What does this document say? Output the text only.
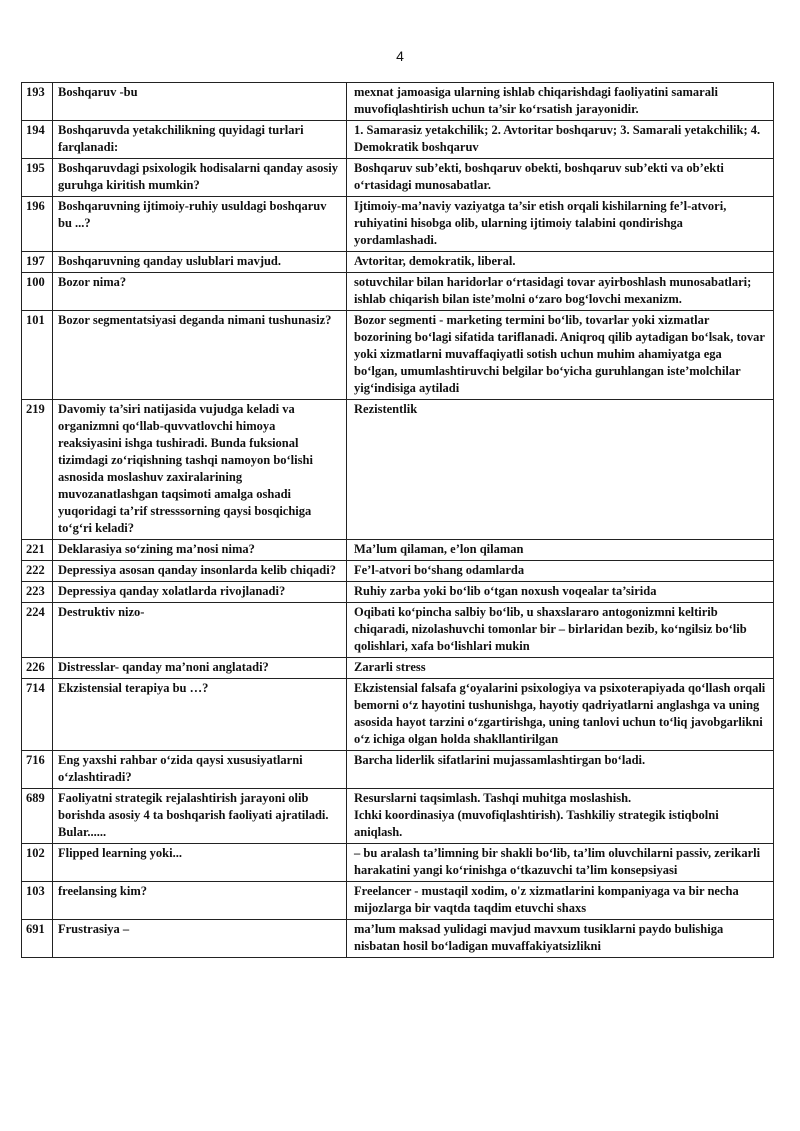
4
193	Boshqaruv -bu	mexnat jamoasiga ularning ishlab chiqarishdagi faoliyatini samarali muvofiqlashtirish uchun ta’sir ko‘rsatish jarayonidir.
194	Boshqaruvda yetakchilikning quyidagi turlari farqlanadi:	1. Samarasiz yetakchilik; 2. Avtoritar boshqaruv; 3. Samarali yetakchilik; 4. Demokratik boshqaruv
195	Boshqaruvdagi psixologik hodisalarni qanday asosiy guruhga kiritish mumkin?	Boshqaruv sub’ekti, boshqaruv obekti, boshqaruv sub’ekti va ob’ekti o‘rtasidagi munosabatlar.
196	Boshqaruvning ijtimoiy-ruhiy usuldagi boshqaruv bu ...?	Ijtimoiy-ma’naviy vaziyatga ta’sir etish orqali kishilarning fe’l-atvori, ruhiyatini hisobga olib, ularning ijtimoiy talabini qondirishga yordamlashadi.
197	Boshqaruvning qanday uslublari mavjud.	Avtoritar, demokratik, liberal.
100	Bozor nima?	sotuvchilar bilan haridorlar o‘rtasidagi tovar ayirboshlash munosabatlari; ishlab chiqarish bilan iste’molni o‘zaro bog‘lovchi mexanizm.
101	Bozor segmentatsiyasi deganda nimani tushunasiz?	Bozor segmenti - marketing termini bo‘lib, tovarlar yoki xizmatlar bozorining bo‘lagi sifatida tariflanadi. Aniqroq qilib aytadigan bo‘lsak, tovar yoki xizmatlarni muvaffaqiyatli sotish uchun muhim ahamiyatga ega bo‘lgan, umumlashtiruvchi belgilar bo‘yicha guruhlangan iste’molchilar yig‘indisiga aytiladi
219	Davomiy ta’siri natijasida vujudga keladi va organizmni qo‘llab-quvvatlovchi himoya reaksiyasini ishga tushiradi. Bunda fuksional tizimdagi zo‘riqishning tashqi namoyon bo‘lishi asnosida moslashuv zaxiralarining muvozanatlashgan taqsimoti amalga oshadi yuqoridagi ta’rif stresssorning qaysi bosqichiga to‘g‘ri keladi?	Rezistentlik
221	Deklarasiya so‘zining ma’nosi nima?	Ma’lum qilaman, e’lon qilaman
222	Depressiya asosan qanday insonlarda kelib chiqadi?	Fe’l-atvori bo‘shang odamlarda
223	Depressiya qanday xolatlarda rivojlanadi?	Ruhiy zarba yoki bo‘lib o‘tgan noxush voqealar ta’sirida
224	Destruktiv nizo-	Oqibati ko‘pincha salbiy bo‘lib, u shaxslararo antogonizmni keltirib chiqaradi, nizolashuvchi tomonlar bir – birlaridan bezib, ko‘ngilsiz bo‘lib qolishlari, xafa bo‘lishlari mukin
226	Distresslar- qanday ma’noni anglatadi?	Zararli stress
714	Ekzistensial terapiya bu …?	Ekzistensial falsafa g‘oyalarini psixologiya va psixoterapiyada qo‘llash orqali bemorni o‘z hayotini tushunishga, hayotiy qadriyatlarni anglashga va uning asosida hayot tarzini o‘zgartirishga, uning tanlovi uchun to‘liq javobgarlikni o‘z ichiga olgan holda shakllantirilgan
716	Eng yaxshi rahbar o‘zida qaysi xususiyatlarni o‘zlashtiradi?	Barcha liderlik sifatlarini mujassamlashtirgan bo‘ladi.
689	Faoliyatni strategik rejalashtirish jarayoni olib borishda asosiy 4 ta boshqarish faoliyati ajratiladi. Bular......	Resurslarni taqsimlash. Tashqi muhitga moslashish.
Ichki koordinasiya (muvofiqlashtirish). Tashkiliy strategik istiqbolni aniqlash.
102	Flipped learning yoki...	– bu aralash ta’limning bir shakli bo‘lib, ta’lim oluvchilarni passiv, zerikarli harakatini yangi ko‘rinishga o‘tkazuvchi ta’lim konsepsiyasi
103	freelansing kim?	Freelancer - mustaqil xodim, o'z xizmatlarini kompaniyaga va bir necha mijozlarga bir vaqtda taqdim etuvchi shaxs
691	Frustrasiya –	ma’lum maksad yulidagi mavjud mavxum tusiklarni paydo bulishiga nisbatan hosil bo‘ladigan muvaffakiyatsizlikni
